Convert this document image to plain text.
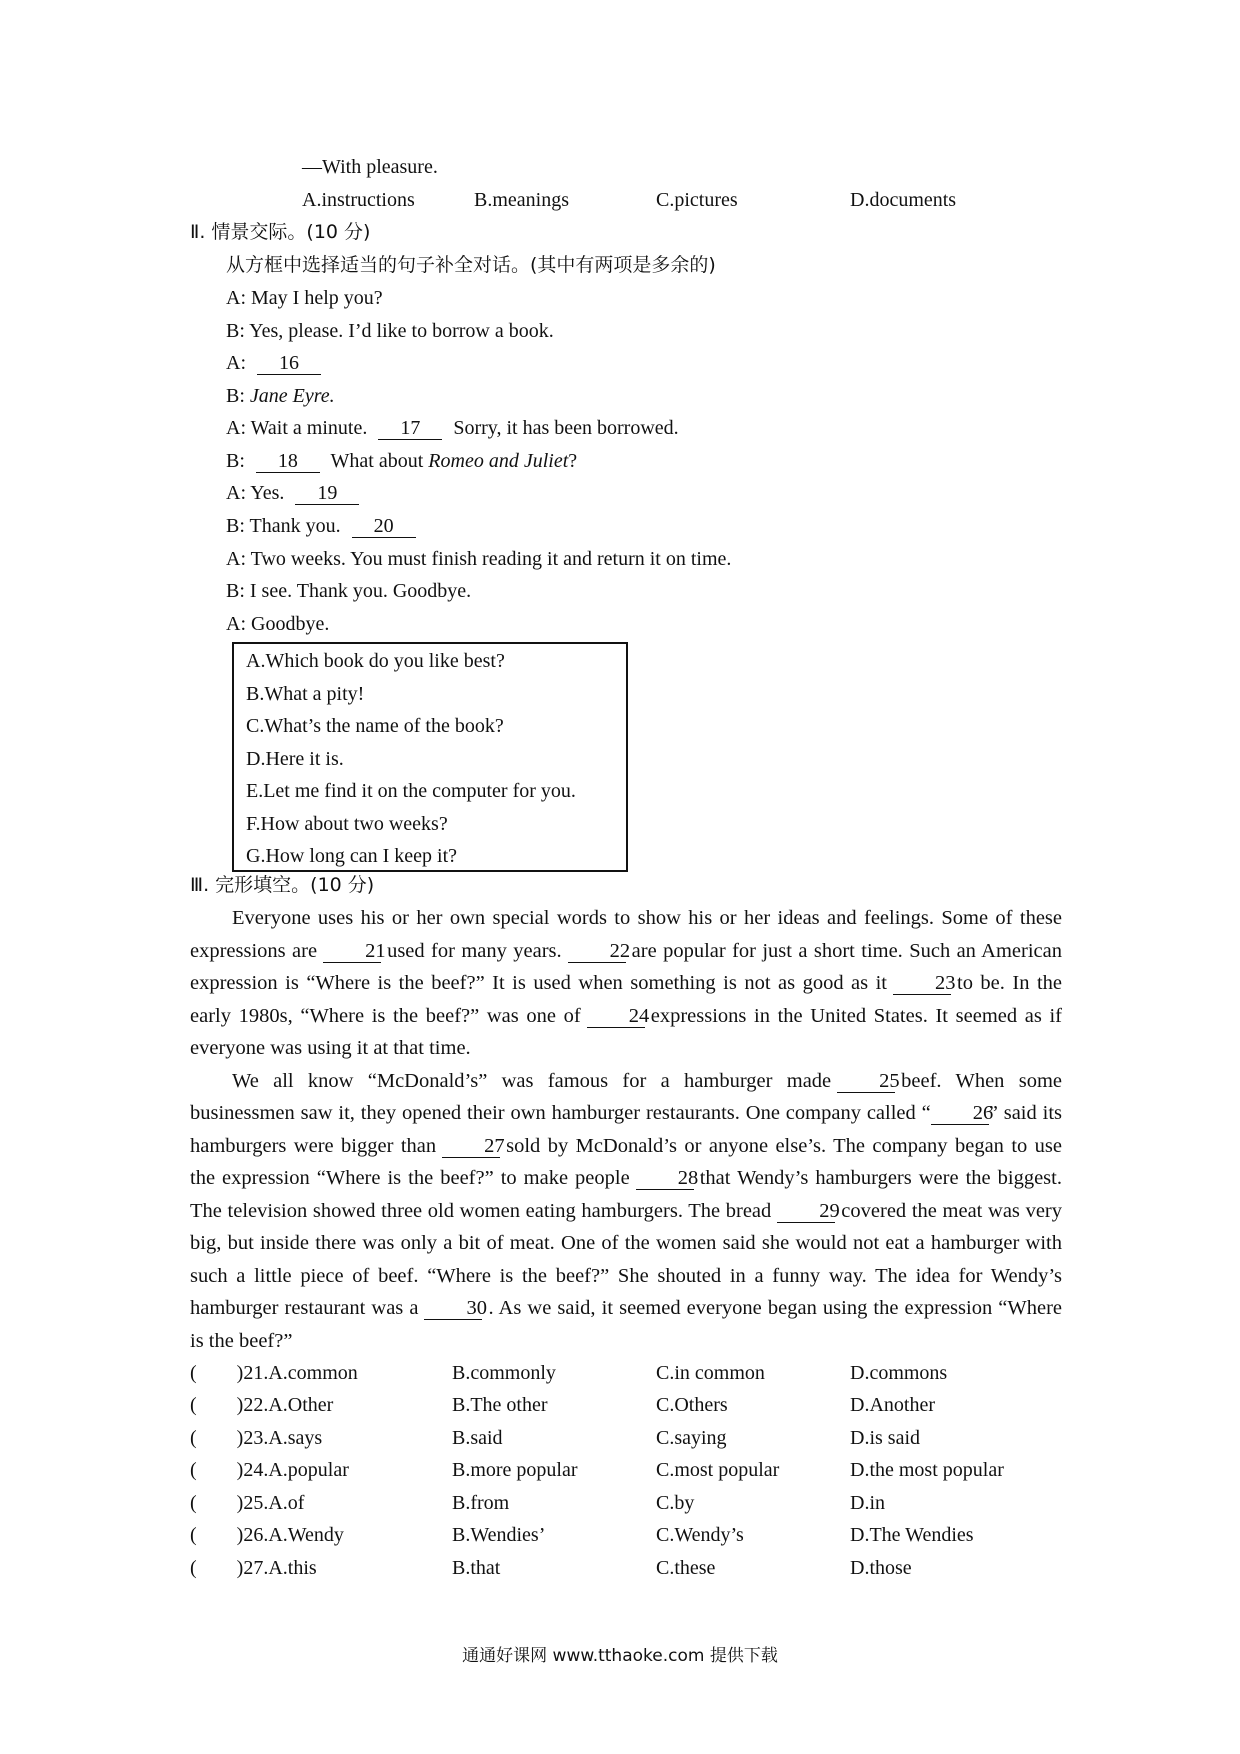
—With pleasure.
A.instructions	B.meanings	C.pictures	D.documents
Ⅱ. 情景交际。(10 分)
从方框中选择适当的句子补全对话。(其中有两项是多余的)
A: May I help you?
B: Yes, please. I’d like to borrow a book.
A: 16
B: Jane Eyre.
A: Wait a minute. 17 Sorry, it has been borrowed.
B: 18 What about Romeo and Juliet?
A: Yes. 19
B: Thank you. 20
A: Two weeks. You must finish reading it and return it on time.
B: I see. Thank you. Goodbye.
A: Goodbye.
A.Which book do you like best?
B.What a pity!
C.What’s the name of the book?
D.Here it is.
E.Let me find it on the computer for you.
F.How about two weeks?
G.How long can I keep it?
Ⅲ. 完形填空。(10 分)

Everyone uses his or her own special words to show his or her ideas and feelings. Some of these expressions are 21used for many years. 22are popular for just a short time. Such an American expression is “Where is the beef?” It is used when something is not as good as it 23to be. In the early 1980s, “Where is the beef?” was one of 24expressions in the United States. It seemed as if everyone was using it at that time.

We all know “McDonald’s” was famous for a hamburger made 25beef. When some businessmen saw it, they opened their own hamburger restaurants. One company called “ 26” said its hamburgers were bigger than 27sold by McDonald’s or anyone else’s. The company began to use the expression “Where is the beef?” to make people 28that Wendy’s hamburgers were the biggest. The television showed three old women eating hamburgers. The bread 29covered the meat was very big, but inside there was only a bit of meat. One of the women said she would not eat a hamburger with such a little piece of beef. “Where is the beef?” She shouted in a funny way. The idea for Wendy’s hamburger restaurant was a 30. As we said, it seemed everyone began using the expression “Where is the beef?”

(　　)21.A.common	B.commonly	C.in common	D.commons
(　　)22.A.Other	B.The other	C.Others	D.Another
(　　)23.A.says	B.said	C.saying	D.is said
(　　)24.A.popular	B.more popular	C.most popular	D.the most popular
(　　)25.A.of	B.from	C.by	D.in
(　　)26.A.Wendy	B.Wendies’	C.Wendy’s	D.The Wendies
(　　)27.A.this	B.that	C.these	D.those
通通好课网 www.tthaoke.com 提供下载
